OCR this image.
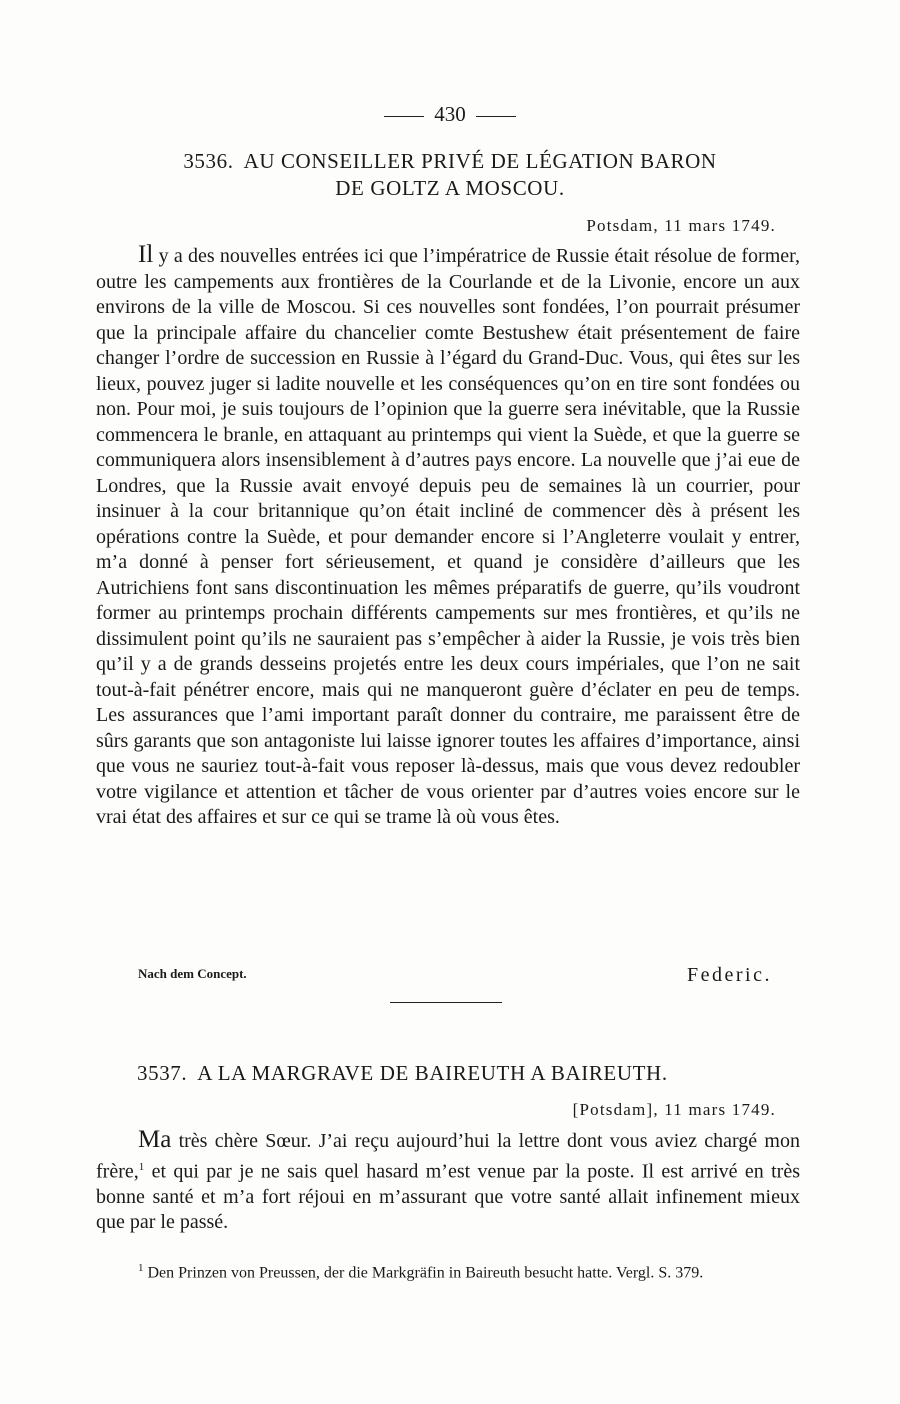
430
3536. AU CONSEILLER PRIVÉ DE LÉGATION BARON
DE GOLTZ A MOSCOU.
Potsdam, 11 mars 1749.

Il y a des nouvelles entrées ici que l’impératrice de Russie était résolue de former, outre les campements aux frontières de la Courlande et de la Livonie, encore un aux environs de la ville de Moscou. Si ces nouvelles sont fondées, l’on pourrait présumer que la principale affaire du chancelier comte Bestushew était présentement de faire changer l’ordre de succession en Russie à l’égard du Grand-Duc. Vous, qui êtes sur les lieux, pouvez juger si ladite nouvelle et les conséquences qu’on en tire sont fondées ou non. Pour moi, je suis toujours de l’opinion que la guerre sera inévitable, que la Russie commencera le branle, en attaquant au printemps qui vient la Suède, et que la guerre se communiquera alors insensiblement à d’autres pays encore. La nouvelle que j’ai eue de Londres, que la Russie avait envoyé depuis peu de semaines là un courrier, pour insinuer à la cour britannique qu’on était incliné de commencer dès à présent les opérations contre la Suède, et pour demander encore si l’Angleterre voulait y entrer, m’a donné à penser fort sérieusement, et quand je considère d’ailleurs que les Autrichiens font sans discontinuation les mêmes préparatifs de guerre, qu’ils voudront former au printemps prochain différents campements sur mes frontières, et qu’ils ne dissimulent point qu’ils ne sauraient pas s’empêcher à aider la Russie, je vois très bien qu’il y a de grands desseins projetés entre les deux cours impériales, que l’on ne sait tout-à-fait pénétrer encore, mais qui ne manqueront guère d’éclater en peu de temps. Les assurances que l’ami important paraît donner du contraire, me paraissent être de sûrs garants que son antagoniste lui laisse ignorer toutes les affaires d’importance, ainsi que vous ne sauriez tout-à-fait vous reposer là-dessus, mais que vous devez redoubler votre vigilance et attention et tâcher de vous orienter par d’autres voies encore sur le vrai état des affaires et sur ce qui se trame là où vous êtes.

Nach dem Concept.	Federic.
3537. A LA MARGRAVE DE BAIREUTH A BAIREUTH.
[Potsdam], 11 mars 1749.

Ma très chère Sœur. J’ai reçu aujourd’hui la lettre dont vous aviez chargé mon frère,$^1$ et qui par je ne sais quel hasard m’est venue par la poste. Il est arrivé en très bonne santé et m’a fort réjoui en m’assurant que votre santé allait infinement mieux que par le passé.

$^1$ Den Prinzen von Preussen, der die Markgräfin in Baireuth besucht hatte. Vergl. S. 379.
